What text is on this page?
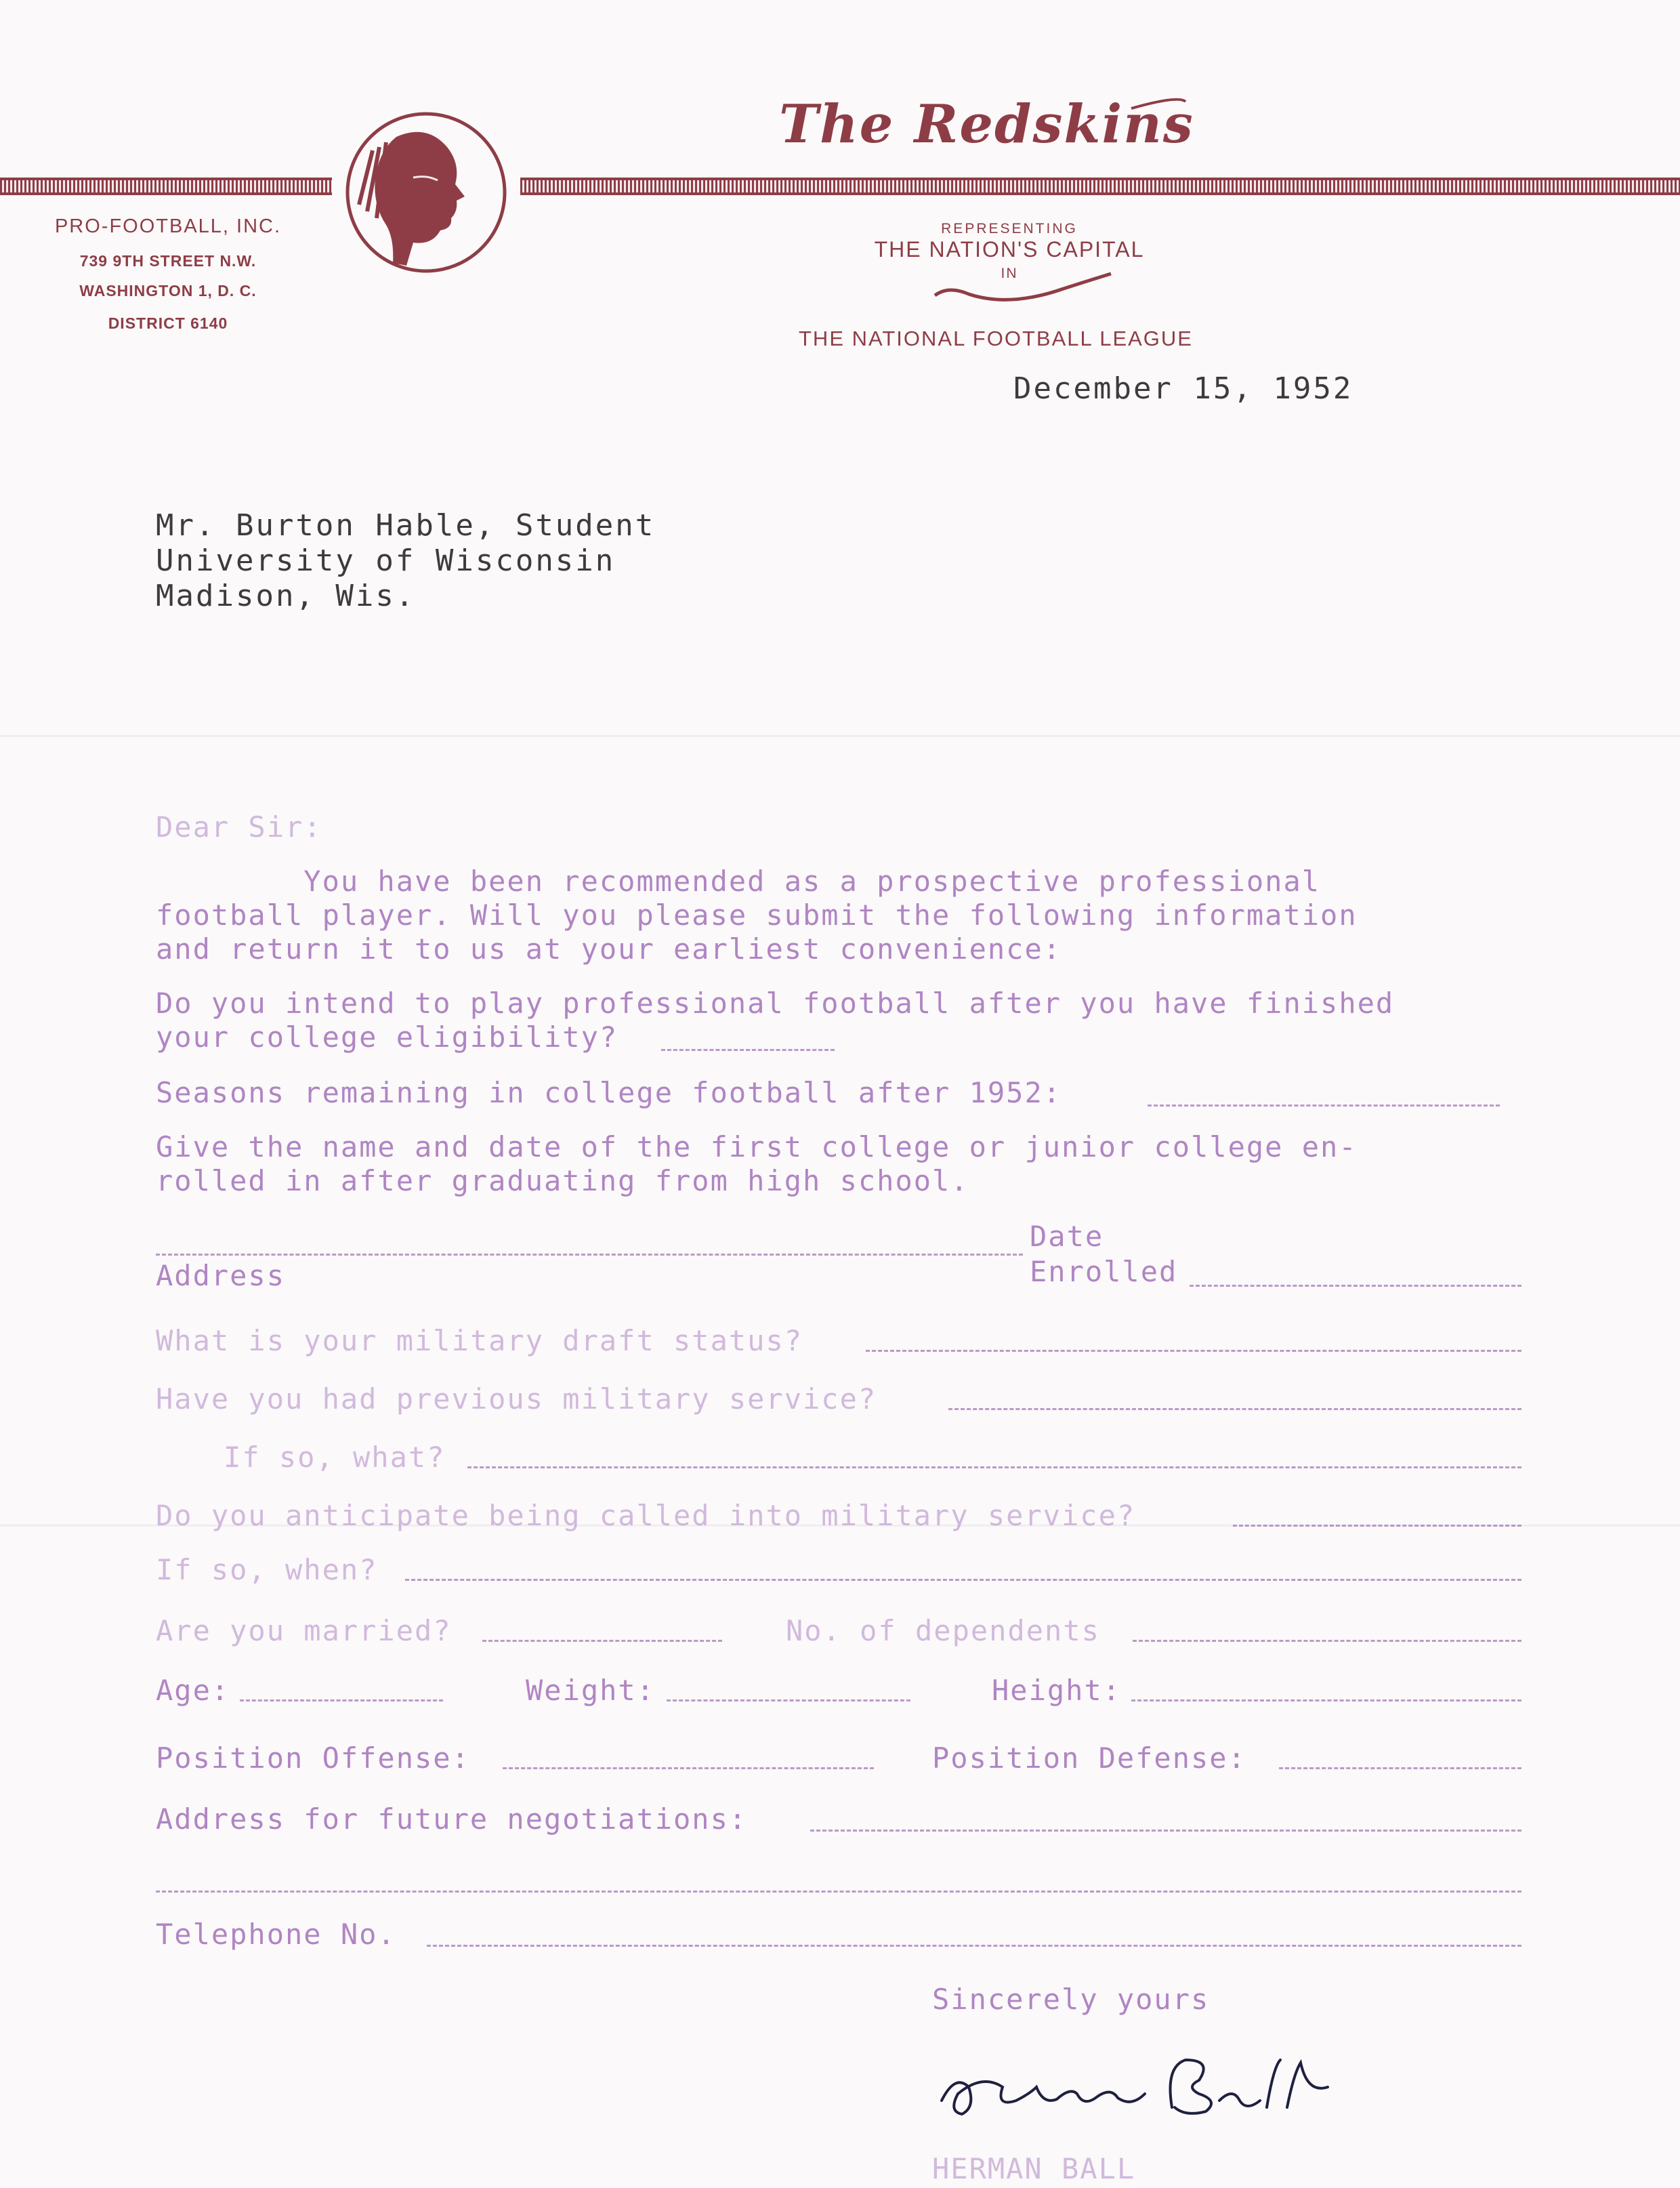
The Redskins
PRO-FOOTBALL, INC.
739 9TH STREET N.W.
WASHINGTON 1, D. C.
DISTRICT 6140
REPRESENTING
THE NATION'S CAPITAL
IN
THE NATIONAL FOOTBALL LEAGUE
December 15, 1952
Mr. Burton Hable, Student
University of Wisconsin
Madison, Wis.
Dear Sir:
You have been recommended as a prospective professional
football player. Will you please submit the following information
and return it to us at your earliest convenience:
Do you intend to play professional football after you have finished
your college eligibility?
Seasons remaining in college football after 1952:
Give the name and date of the first college or junior college en-
rolled in after graduating from high school.
Address
Date
Enrolled
What is your military draft status?
Have you had previous military service?
If so, what?
Do you anticipate being called into military service?
If so, when?
Are you married?	No. of dependents
Age:	Weight:	Height:
Position Offense:	Position Defense:
Address for future negotiations:
Telephone No.
Sincerely yours
HERMAN BALL
